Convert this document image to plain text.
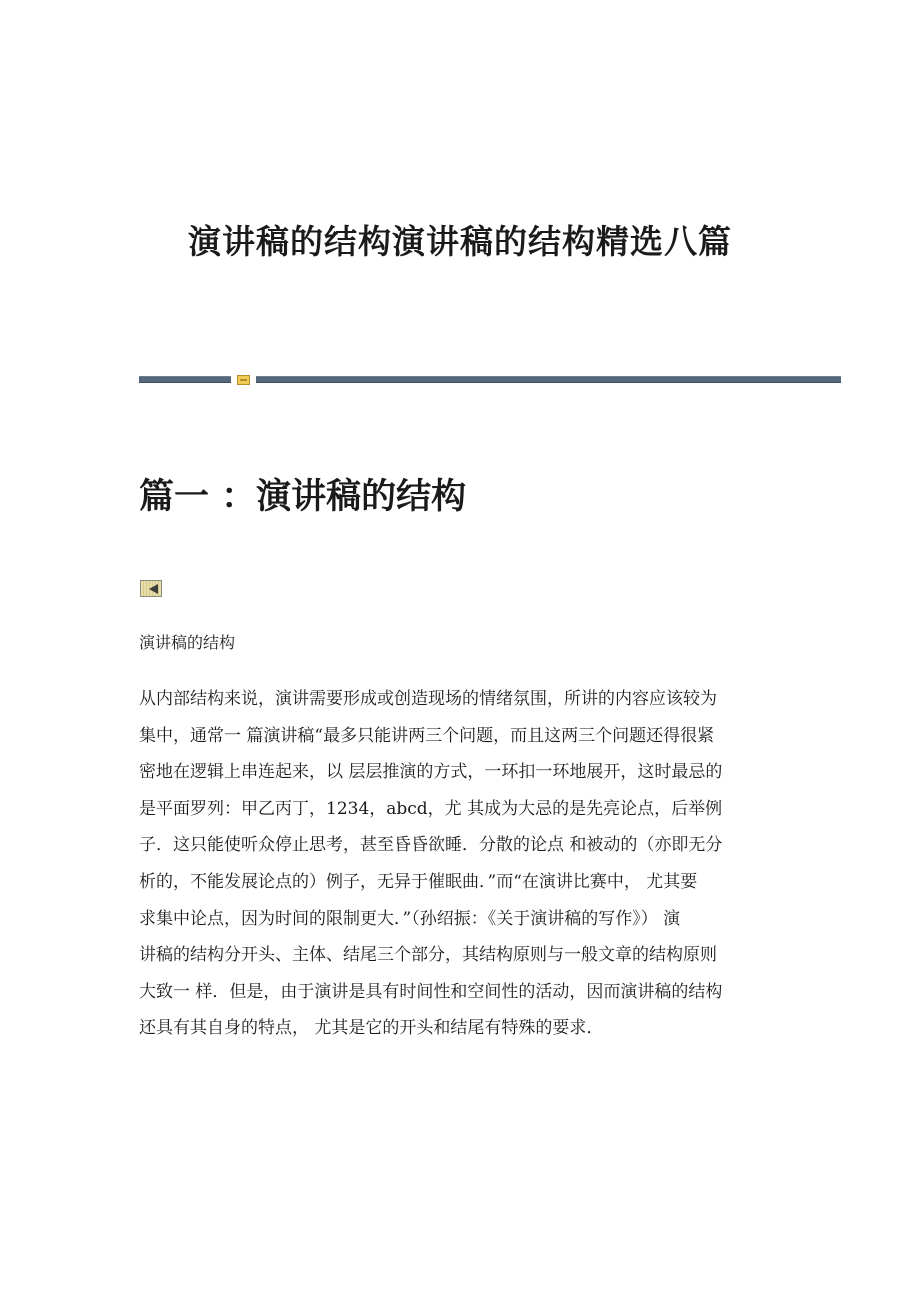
演讲稿的结构演讲稿的结构精选八篇
篇一 ：演讲稿的结构
演讲稿的结构
从内部结构来说，演讲需要形成或创造现场的情绪氛围，所讲的内容应该较为
集中，通常一 篇演讲稿“最多只能讲两三个问题，而且这两三个问题还得很紧
密地在逻辑上串连起来，以 层层推演的方式，一环扣一环地展开，这时最忌的
是平面罗列：甲乙丙丁，1234，abcd，尤 其成为大忌的是先亮论点，后举例
子．这只能使听众停止思考，甚至昏昏欲睡．分散的论点 和被动的（亦即无分
析的，不能发展论点的）例子，无异于催眠曲．”而“在演讲比赛中， 尤其要
求集中论点，因为时间的限制更大．”（孙绍振：《关于演讲稿的写作》） 演
讲稿的结构分开头、主体、结尾三个部分，其结构原则与一般文章的结构原则
大致一 样．但是，由于演讲是具有时间性和空间性的活动，因而演讲稿的结构
还具有其自身的特点， 尤其是它的开头和结尾有特殊的要求．
